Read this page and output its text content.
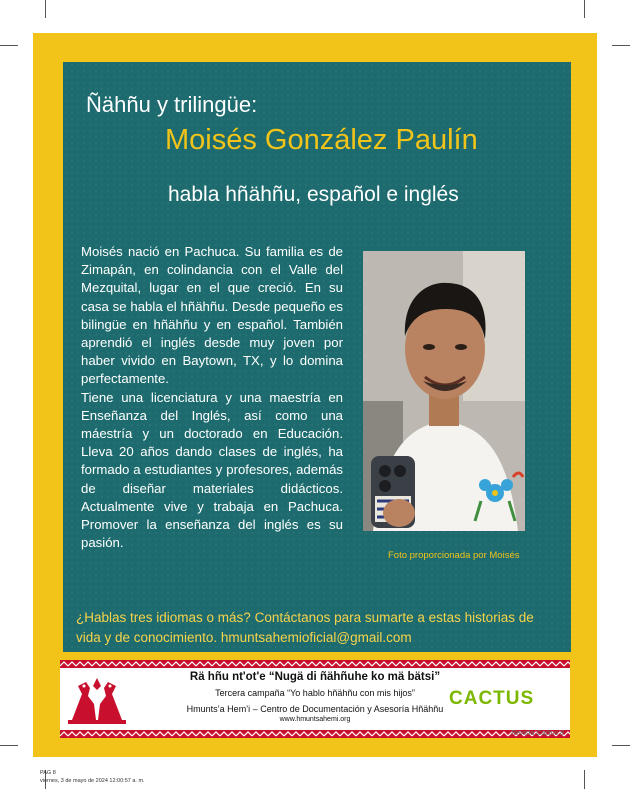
Ñähñu y trilingüe:
Moisés González Paulín
habla hñähñu, español e inglés

Moisés nació en Pachuca. Su familia es de Zimapán, en colindancia con el Valle del Mezquital, lugar en el que creció. En su casa se habla el hñähñu. Desde pequeño es bilingüe en hñähñu y en español. También aprendió el inglés desde muy joven por haber vivido en Baytown, TX, y lo domina perfectamente.

Tiene una licenciatura y una maestría en Enseñanza del Inglés, así como una máestría y un doctorado en Educación. Lleva 20 años dando clases de inglés, ha formado a estudiantes y profesores, además de diseñar materiales didácticos. Actualmente vive y trabaja en Pachuca. Promover la enseñanza del inglés es su pasión.

Foto proporcionada por Moisés
¿Hablas tres idiomas o más? Contáctanos para sumarte a estas historias de vida y de conocimiento. hmuntsahemioficial@gmail.com
Rä hñu nt'ot'e “Nugä di ñähñuhe ko mä bätsi”
Tercera campaña “Yo hablo hñähñu con mis hijos”
Hmunts’a Hem’i – Centro de Documentación y Asesoría Hñähñu
www.hmuntsahemi.org
CACTUS
Revista Cactus 8
PAG 8
viernes, 3 de mayo de 2024 12:00:57 a. m.
